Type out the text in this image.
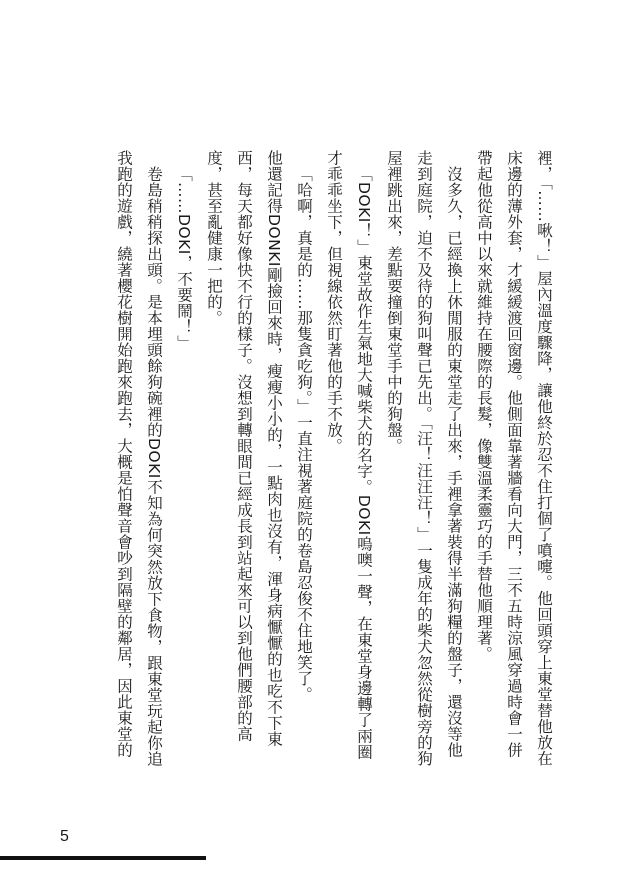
裡，「……啾！」屋內溫度驟降，讓他終於忍不住打個了噴嚏。他回頭穿上東堂替他放在床邊的薄外套，才緩緩渡回窗邊。他側面靠著牆看向大門，三不五時涼風穿過時會一併帶起他從高中以來就維持在腰際的長髮，像雙溫柔靈巧的手替他順理著。

沒多久，已經換上休閒服的東堂走了出來，手裡拿著裝得半滿狗糧的盤子，還沒等他走到庭院，迫不及待的狗叫聲已先出。「汪！汪汪汪！」一隻成年的柴犬忽然從樹旁的狗屋裡跳出來，差點要撞倒東堂手中的狗盤。

「DOKI！」東堂故作生氣地大喊柴犬的名字。DOKI嗚噢一聲，在東堂身邊轉了兩圈才乖乖坐下，但視線依然盯著他的手不放。

「哈啊，真是的……那隻貪吃狗。」一直注視著庭院的卷島忍俊不住地笑了。

他還記得DONKI剛撿回來時，瘦瘦小小的，一點肉也沒有，渾身病懨懨的也吃不下東西，每天都好像快不行的樣子。沒想到轉眼間已經成長到站起來可以到他們腰部的高度，甚至亂健康一把的。

「……DOKI，不要鬧！」

卷島稍稍探出頭。是本埋頭餘狗碗裡的DOKI不知為何突然放下食物，跟東堂玩起你追我跑的遊戲，繞著櫻花樹開始跑來跑去，大概是怕聲音會吵到隔壁的鄰居，因此東堂的

5
